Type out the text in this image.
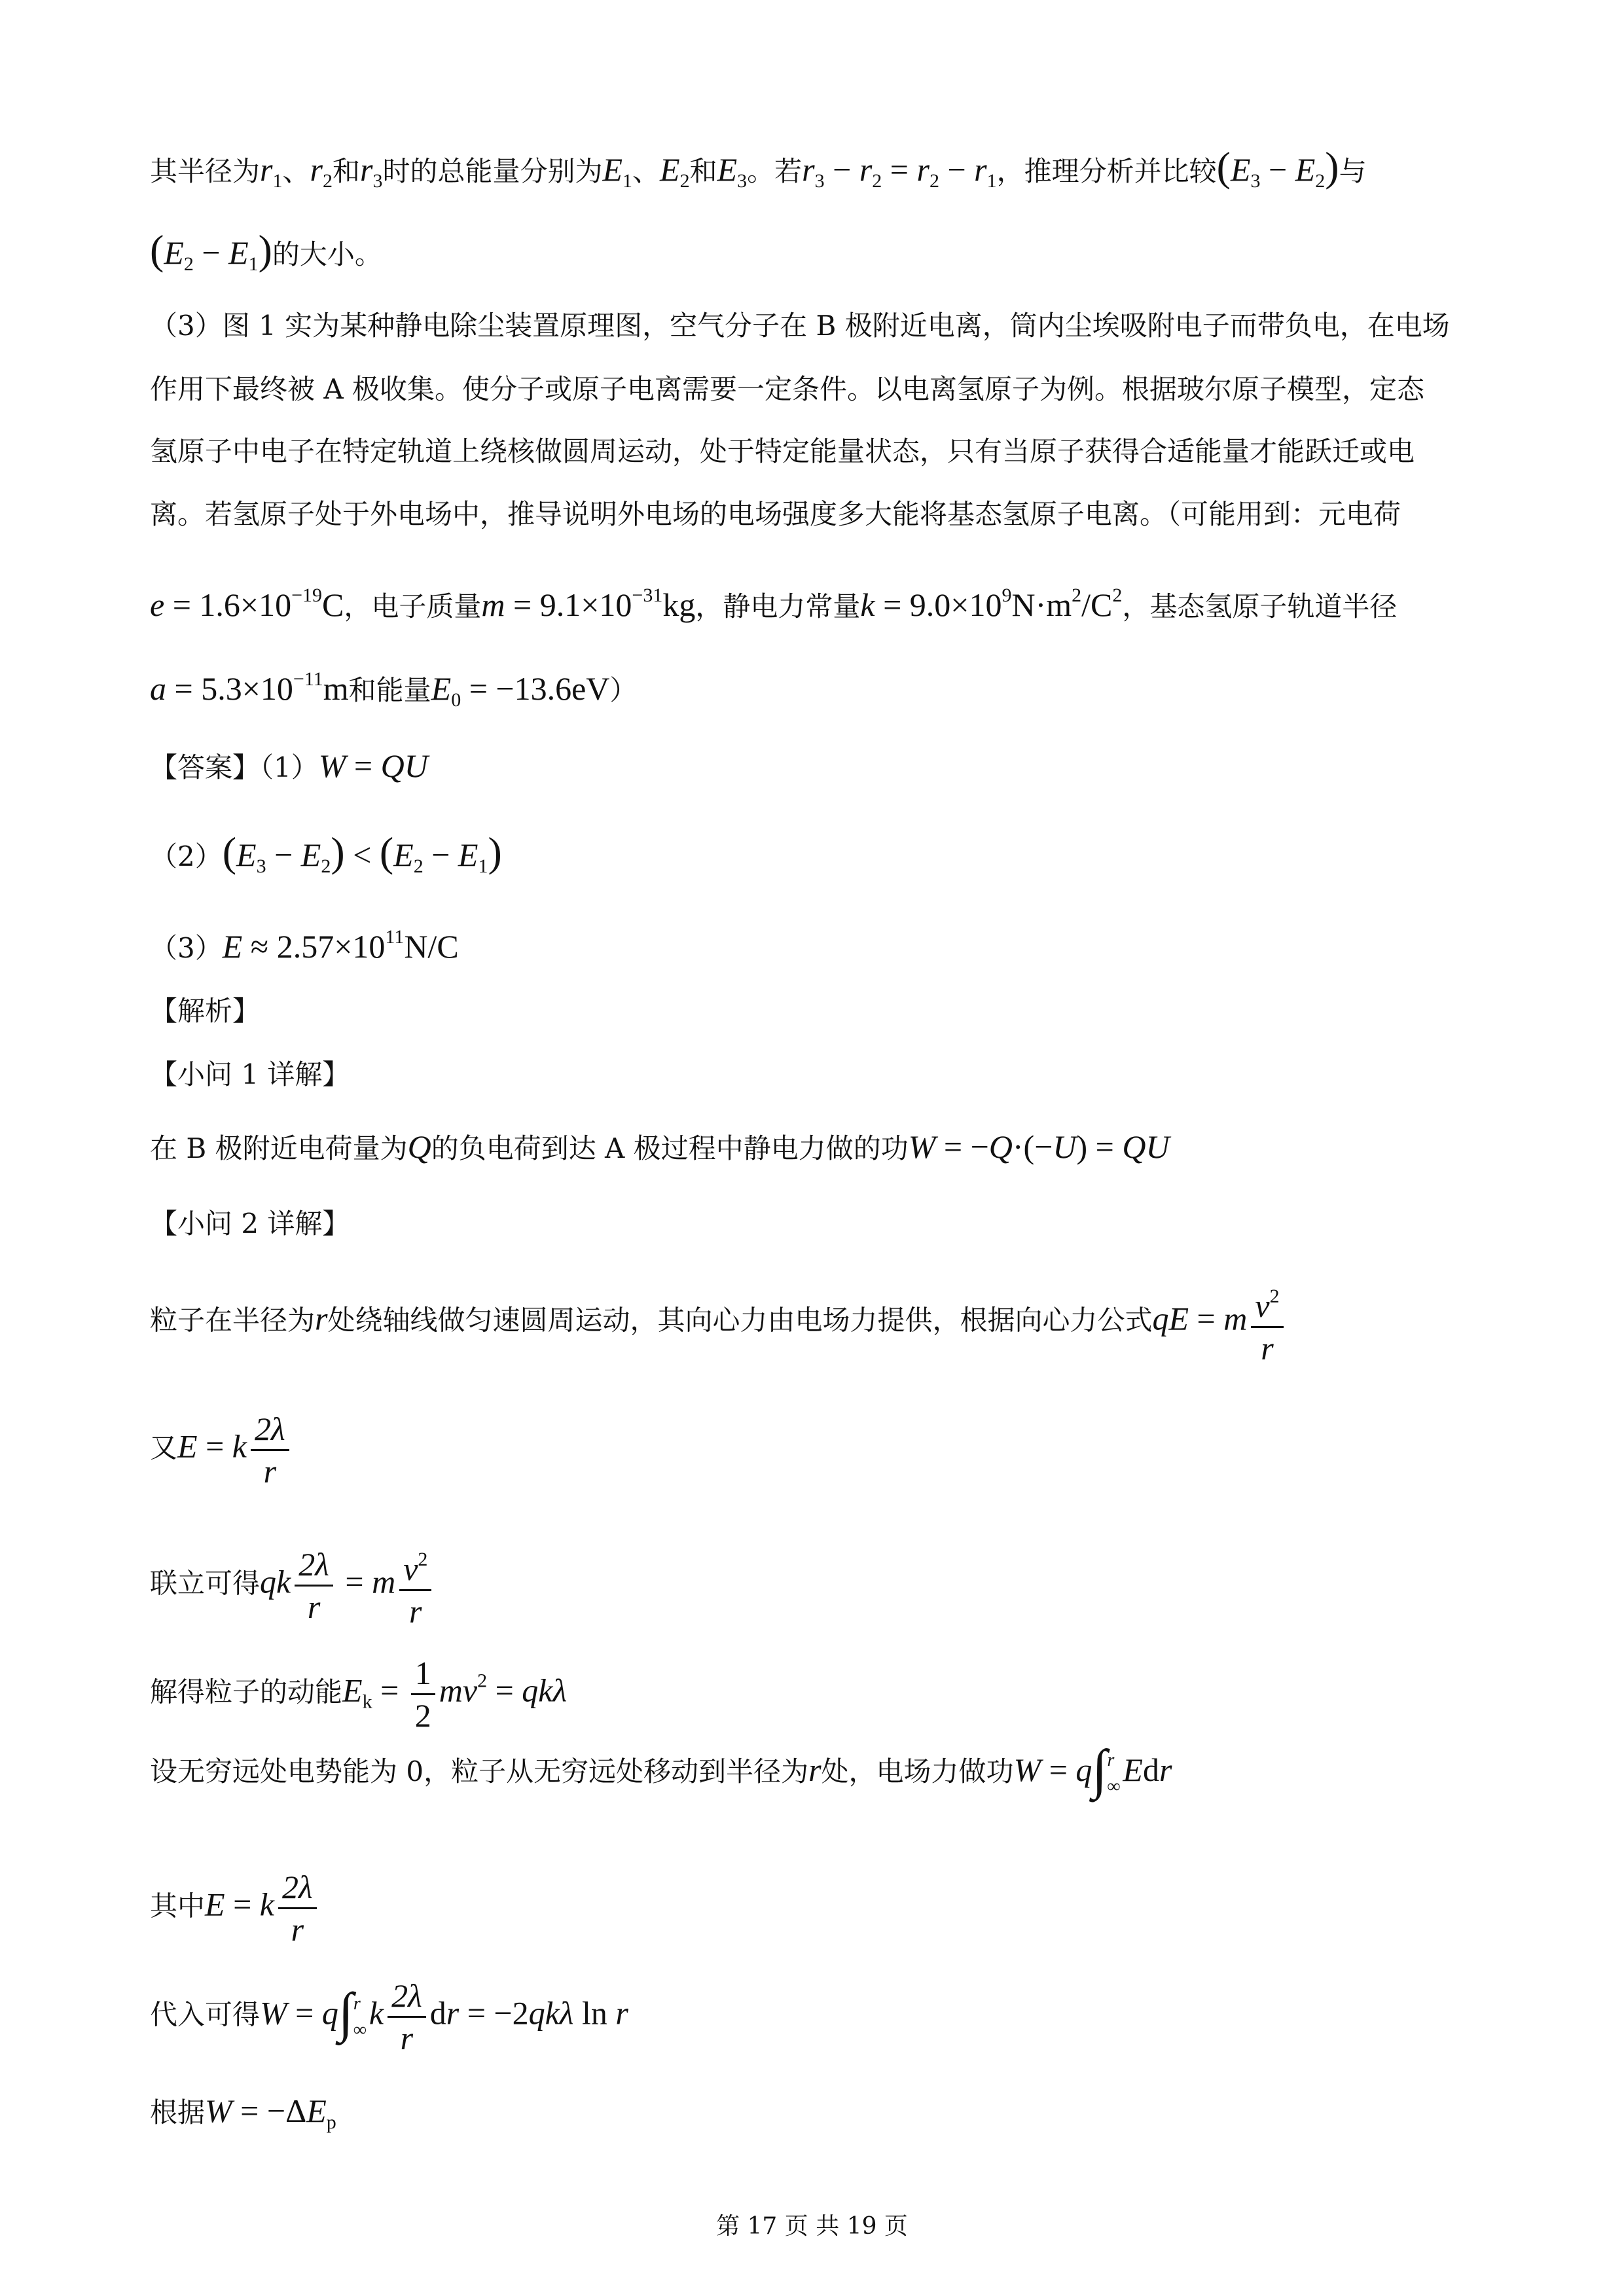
其半径为$r_1$、$r_2$和$r_3$时的总能量分别为$E_1$、$E_2$和$E_3$。若$r_3 - r_2 = r_2 - r_1$，推理分析并比较$(E_3 - E_2)$与
$(E_2 - E_1)$的大小。
（3）图 1 实为某种静电除尘装置原理图，空气分子在 B 极附近电离，筒内尘埃吸附电子而带负电，在电场
作用下最终被 A 极收集。使分子或原子电离需要一定条件。以电离氢原子为例。根据玻尔原子模型，定态
氢原子中电子在特定轨道上绕核做圆周运动，处于特定能量状态，只有当原子获得合适能量才能跃迁或电
离。若氢原子处于外电场中，推导说明外电场的电场强度多大能将基态氢原子电离。（可能用到：元电荷
$e = 1.6\times 10^{-19}C$，电子质量$m = 9.1\times 10^{-31}kg$，静电力常量$k = 9.0\times 10^9N\cdot m^2/C^2$，基态氢原子轨道半径
$a = 5.3\times 10^{-11}m$和能量$E_0 = -13.6eV$）
【答案】（1）W = QU
$(2)(E_3 - E_2) < (E_2 - E_1)$
$(3)E \approx 2.57\times 10^{11}N/C$
【解析】
【小问 1 详解】
在 B 极附近电荷量为Q的负电荷到达 A 极过程中静电力做的功W = −Q·(−U) = QU
【小问 2 详解】
粒子在半径为r处绕轴线做匀速圆周运动，其向心力由电场力提供，根据向心力公式qE = m $\frac{v^2}{r}$
又E = k $\frac{2\lambda}{r}$
联立可得qk $\frac{2\lambda}{r} = m \frac{v^2}{r}$
解得粒子的动能$E_k = \frac{1}{2} mv^2 = qk\lambda$
设无穷远处电势能为 0，粒子从无穷远处移动到半径为r处，电场力做功W = q∫ r
∞ Edr
其中E = k $\frac{2\lambda}{r}$
代入可得W = q∫ r
∞ k $\frac{2\lambda}{r}$ dr = −2qkλ ln r
根据$W = -\Delta E_p$
第 17 页 共 19 页
